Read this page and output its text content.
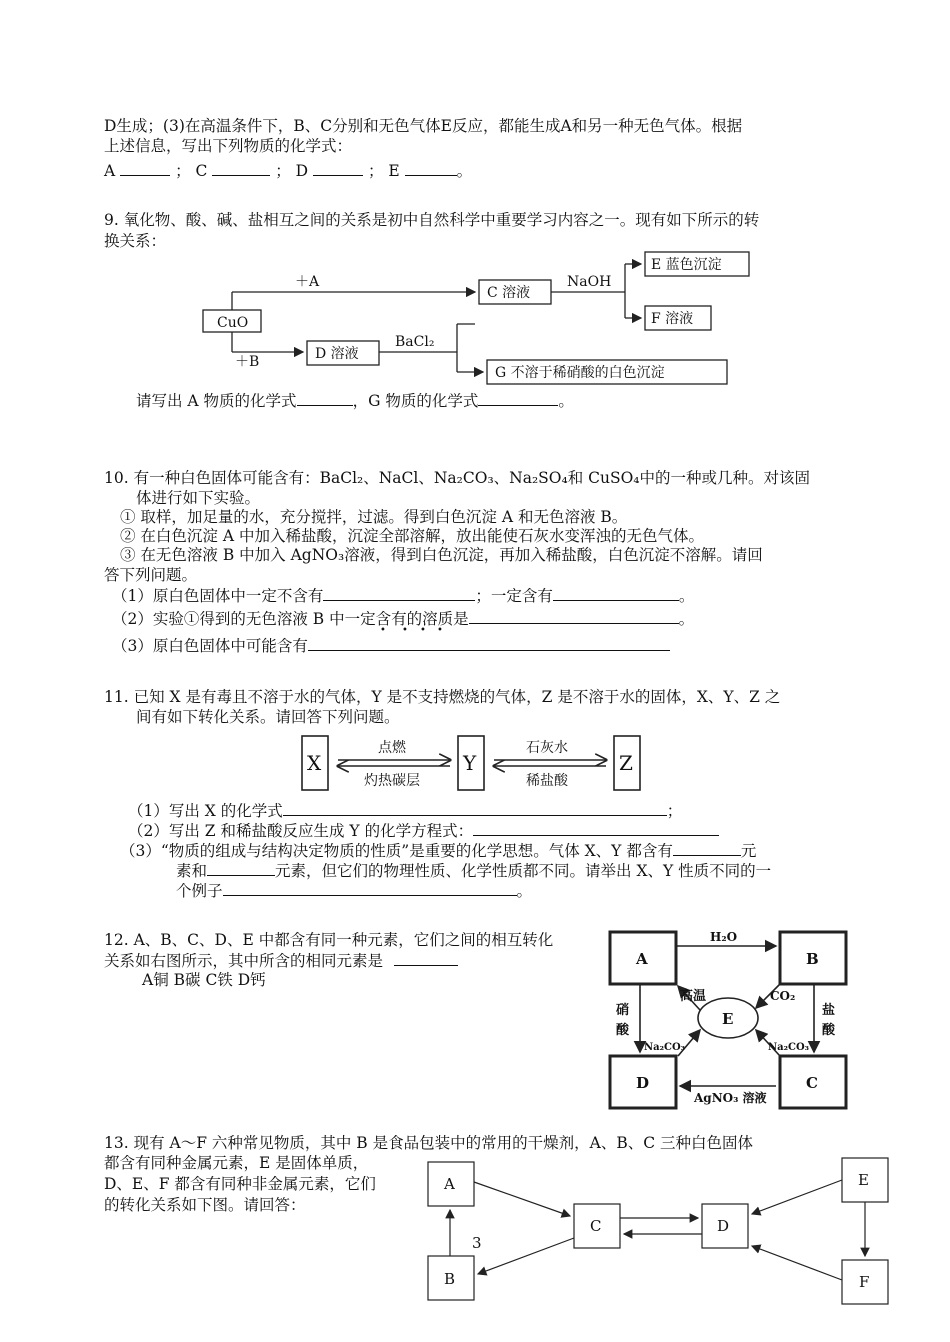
D生成；(3)在高温条件下，B、C分别和无色气体E反应，都能生成A和另一种无色气体。根据
上述信息，写出下列物质的化学式：
A	； C	； D	； E	。
9. 氧化物、酸、碱、盐相互之间的关系是初中自然科学中重要学习内容之一。现有如下所示的转
换关系：
CuO
＋A
＋B
C 溶液
D 溶液
NaOH
BaCl₂
E 蓝色沉淀
F 溶液
G 不溶于稀硝酸的白色沉淀
请写出 A 物质的化学式	，G 物质的化学式	。
10. 有一种白色固体可能含有：BaCl₂、NaCl、Na₂CO₃、Na₂SO₄和 CuSO₄中的一种或几种。对该固
体进行如下实验。
① 取样，加足量的水，充分搅拌，过滤。得到白色沉淀 A 和无色溶液 B。
② 在白色沉淀 A 中加入稀盐酸，沉淀全部溶解，放出能使石灰水变浑浊的无色气体。
③ 在无色溶液 B 中加入 AgNO₃溶液，得到白色沉淀，再加入稀盐酸，白色沉淀不溶解。请回
答下列问题。
（1）原白色固体中一定不含有	；一定含有	。
（2）实验①得到的无色溶液 B 中一定含有的溶质是	。
• • • •
（3）原白色固体中可能含有
11. 已知 X 是有毒且不溶于水的气体，Y 是不支持燃烧的气体，Z 是不溶于水的固体，X、Y、Z 之
间有如下转化关系。请回答下列问题。
X	Y	Z
点燃
灼热碳层
石灰水
稀盐酸
（1）写出 X 的化学式	；
（2）写出 Z 和稀盐酸反应生成 Y 的化学方程式：
（3）“物质的组成与结构决定物质的性质”是重要的化学思想。气体 X、Y 都含有	元
素和	元素，但它们的物理性质、化学性质都不同。请举出 X、Y 性质不同的一
个例子	。
12. A、B、C、D、E 中都含有同一种元素，它们之间的相互转化
关系如右图所示，其中所含的相同元素是
A铜 B碳 C铁 D钙
A	B
D	C
E
H₂O
高温	CO₂
硝
酸
盐
酸
Na₂CO₃	Na₂CO₃
AgNO₃ 溶液
13. 现有 A～F 六种常见物质，其中 B 是食品包装中的常用的干燥剂，A、B、C 三种白色固体
都含有同种金属元素，E 是固体单质，
D、E、F 都含有同种非金属元素，它们
的转化关系如下图。请回答：
A
B
C	D
E
F
3
